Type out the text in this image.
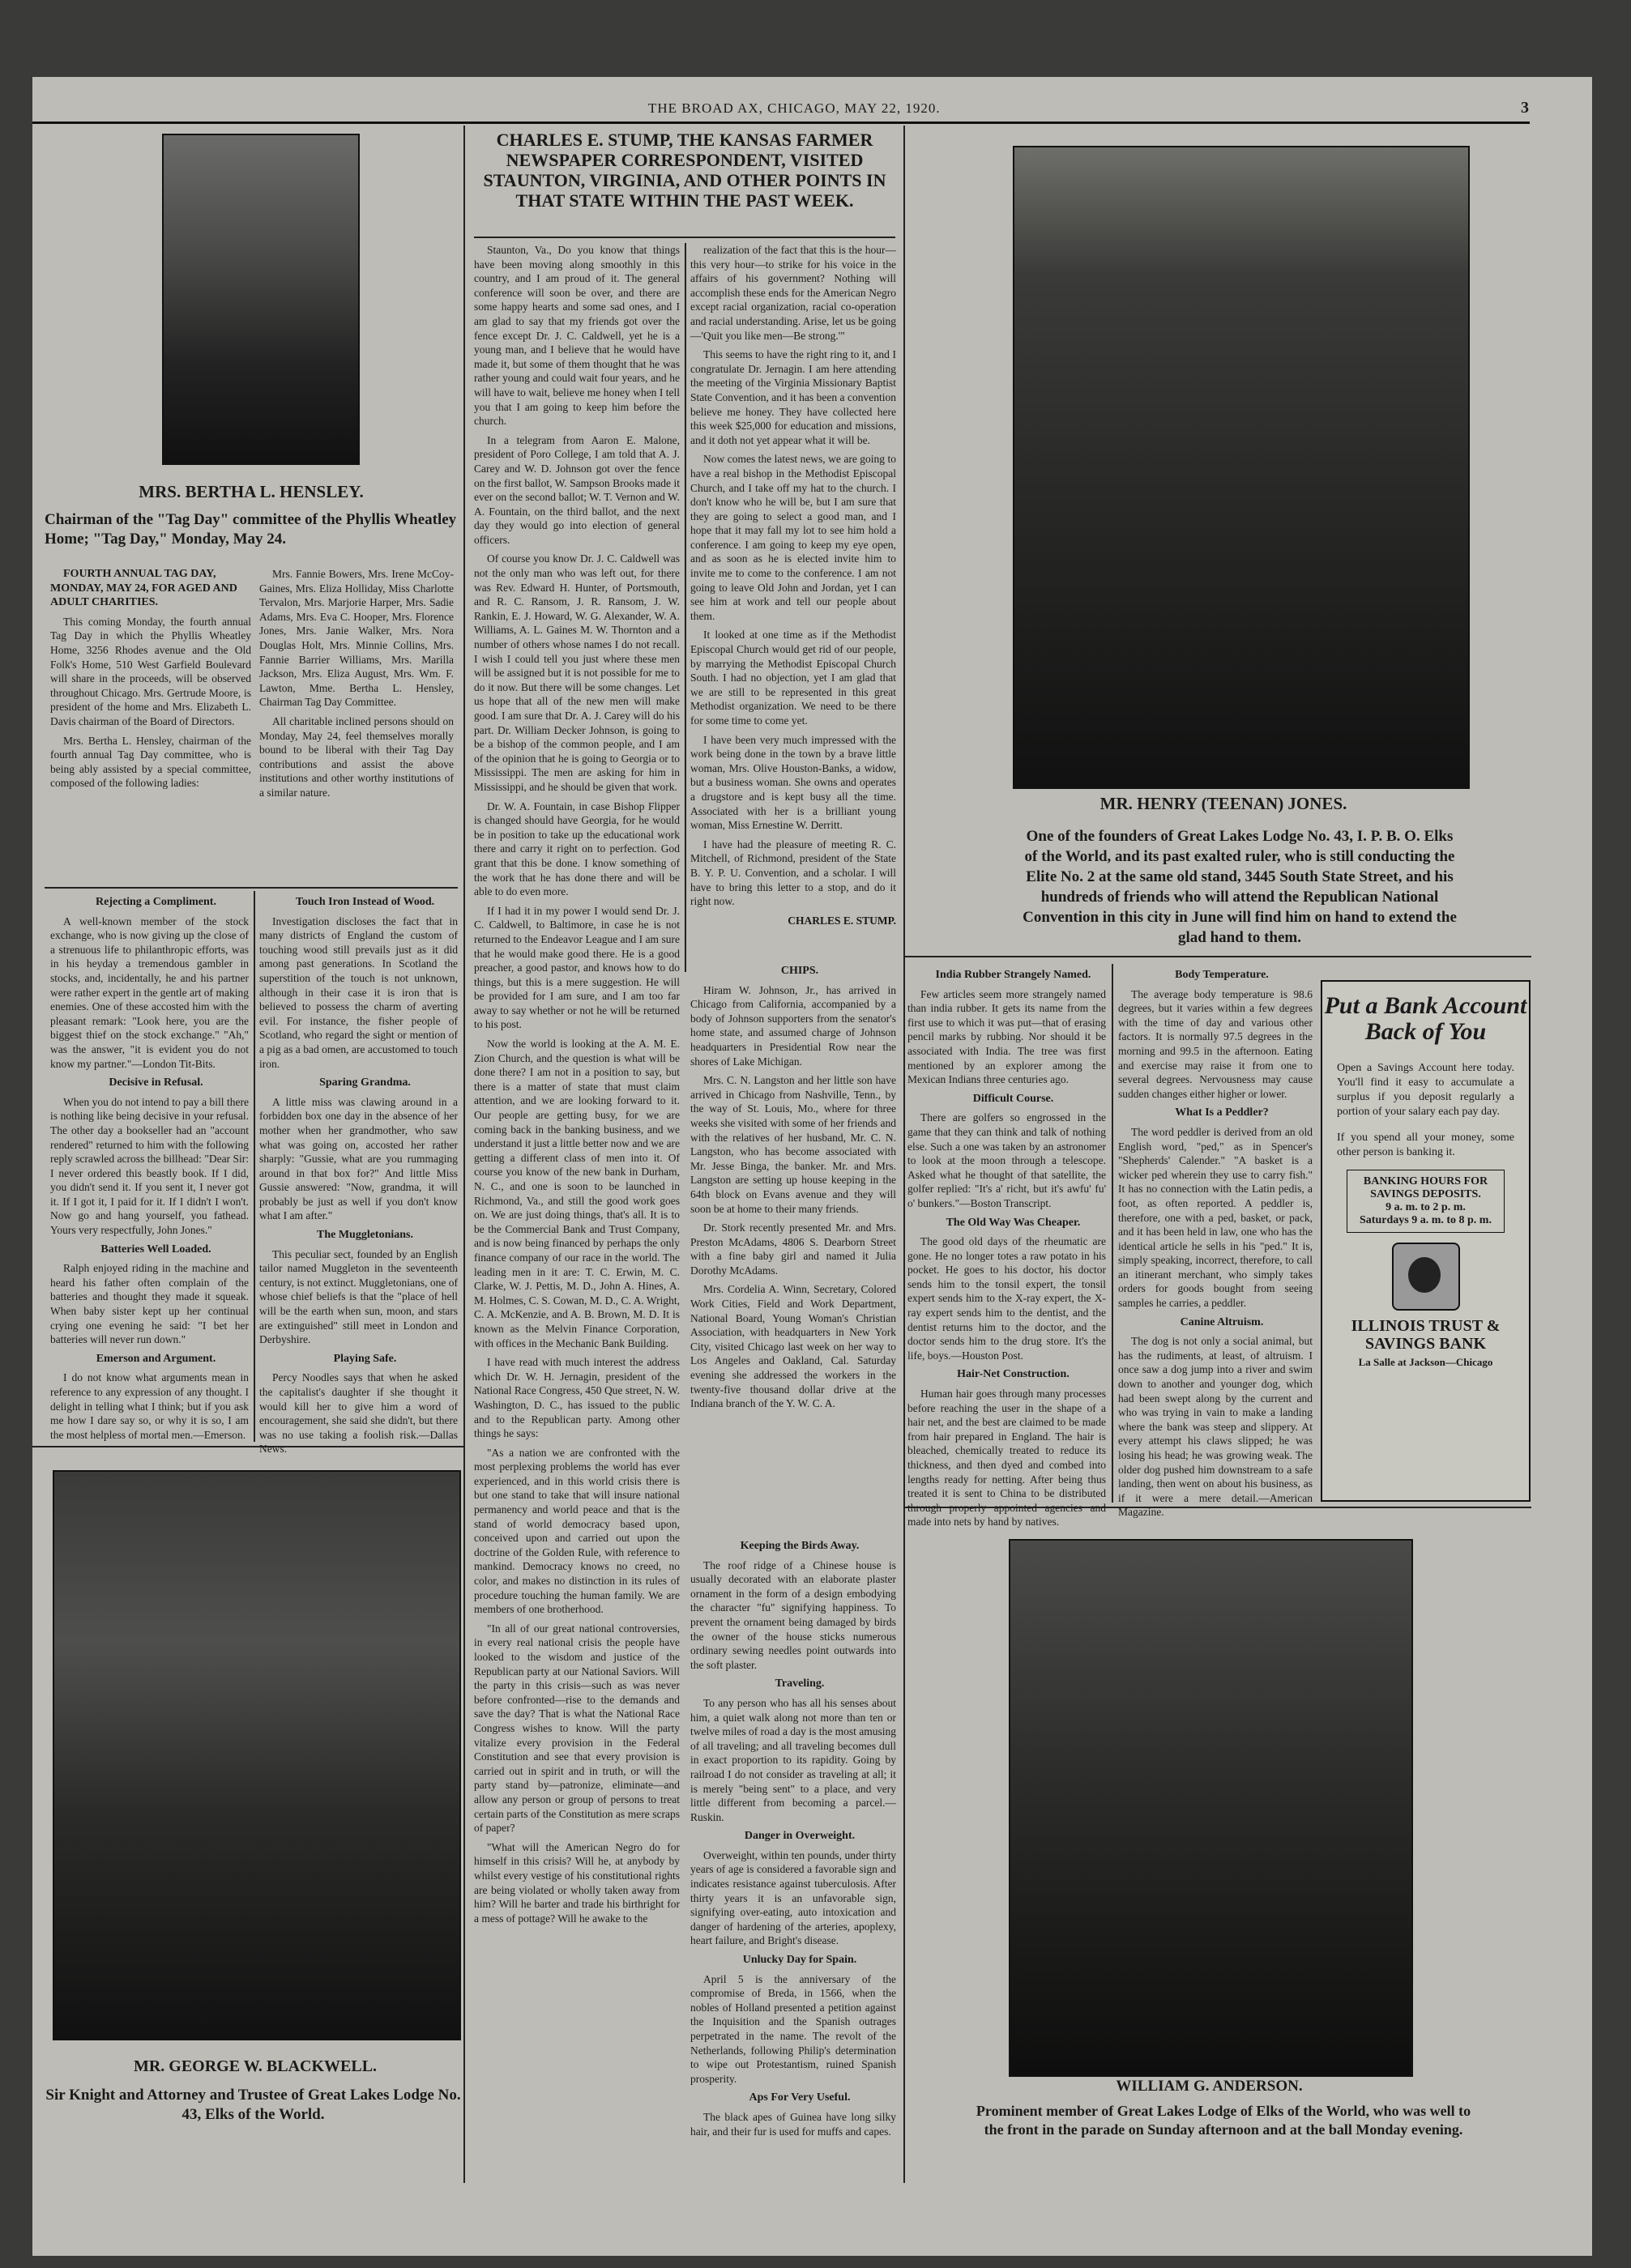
THE BROAD AX, CHICAGO, MAY 22, 1920.	3
MRS. BERTHA L. HENSLEY.
Chairman of the "Tag Day" committee of the Phyllis Wheatley Home; "Tag Day," Monday, May 24.

FOURTH ANNUAL TAG DAY, MONDAY, MAY 24, FOR AGED AND ADULT CHARITIES.

This coming Monday, the fourth annual Tag Day in which the Phyllis Wheatley Home, 3256 Rhodes avenue and the Old Folk's Home, 510 West Garfield Boulevard will share in the proceeds, will be observed throughout Chicago. Mrs. Gertrude Moore, is president of the home and Mrs. Elizabeth L. Davis chairman of the Board of Directors.

Mrs. Bertha L. Hensley, chairman of the fourth annual Tag Day committee, who is being ably assisted by a special committee, composed of the following ladies:

Mrs. Fannie Bowers, Mrs. Irene McCoy-Gaines, Mrs. Eliza Holliday, Miss Charlotte Tervalon, Mrs. Marjorie Harper, Mrs. Sadie Adams, Mrs. Eva C. Hooper, Mrs. Florence Jones, Mrs. Janie Walker, Mrs. Nora Douglas Holt, Mrs. Minnie Collins, Mrs. Fannie Barrier Williams, Mrs. Marilla Jackson, Mrs. Eliza August, Mrs. Wm. F. Lawton, Mme. Bertha L. Hensley, Chairman Tag Day Committee.

All charitable inclined persons should on Monday, May 24, feel themselves morally bound to be liberal with their Tag Day contributions and assist the above institutions and other worthy institutions of a similar nature.

Rejecting a Compliment.

A well-known member of the stock exchange, who is now giving up the close of a strenuous life to philanthropic efforts, was in his heyday a tremendous gambler in stocks, and, incidentally, he and his partner were rather expert in the gentle art of making enemies. One of these accosted him with the pleasant remark: "Look here, you are the biggest thief on the stock exchange." "Ah," was the answer, "it is evident you do not know my partner."—London Tit-Bits.

Decisive in Refusal.

When you do not intend to pay a bill there is nothing like being decisive in your refusal. The other day a bookseller had an "account rendered" returned to him with the following reply scrawled across the billhead: "Dear Sir: I never ordered this beastly book. If I did, you didn't send it. If you sent it, I never got it. If I got it, I paid for it. If I didn't I won't. Now go and hang yourself, you fathead. Yours very respectfully, John Jones."

Batteries Well Loaded.

Ralph enjoyed riding in the machine and heard his father often complain of the batteries and thought they made it squeak. When baby sister kept up her continual crying one evening he said: "I bet her batteries will never run down."

Emerson and Argument.

I do not know what arguments mean in reference to any expression of any thought. I delight in telling what I think; but if you ask me how I dare say so, or why it is so, I am the most helpless of mortal men.—Emerson.

Touch Iron Instead of Wood.

Investigation discloses the fact that in many districts of England the custom of touching wood still prevails just as it did among past generations. In Scotland the superstition of the touch is not unknown, although in their case it is iron that is believed to possess the charm of averting evil. For instance, the fisher people of Scotland, who regard the sight or mention of a pig as a bad omen, are accustomed to touch iron.

Sparing Grandma.

A little miss was clawing around in a forbidden box one day in the absence of her mother when her grandmother, who saw what was going on, accosted her rather sharply: "Gussie, what are you rummaging around in that box for?" And little Miss Gussie answered: "Now, grandma, it will probably be just as well if you don't know what I am after."

The Muggletonians.

This peculiar sect, founded by an English tailor named Muggleton in the seventeenth century, is not extinct. Muggletonians, one of whose chief beliefs is that the "place of hell will be the earth when sun, moon, and stars are extinguished" still meet in London and Derbyshire.

Playing Safe.

Percy Noodles says that when he asked the capitalist's daughter if she thought it would kill her to give him a word of encouragement, she said she didn't, but there was no use taking a foolish risk.—Dallas News.

MR. GEORGE W. BLACKWELL.
Sir Knight and Attorney and Trustee of Great Lakes Lodge No. 43, Elks of the World.
CHARLES E. STUMP, THE KANSAS FARMER NEWSPAPER CORRESPONDENT, VISITED STAUNTON, VIRGINIA, AND OTHER POINTS IN THAT STATE WITHIN THE PAST WEEK.

Staunton, Va., Do you know that things have been moving along smoothly in this country, and I am proud of it. The general conference will soon be over, and there are some happy hearts and some sad ones, and I am glad to say that my friends got over the fence except Dr. J. C. Caldwell, yet he is a young man, and I believe that he would have made it, but some of them thought that he was rather young and could wait four years, and he will have to wait, believe me honey when I tell you that I am going to keep him before the church.

In a telegram from Aaron E. Malone, president of Poro College, I am told that A. J. Carey and W. D. Johnson got over the fence on the first ballot, W. Sampson Brooks made it ever on the second ballot; W. T. Vernon and W. A. Fountain, on the third ballot, and the next day they would go into election of general officers.

Of course you know Dr. J. C. Caldwell was not the only man who was left out, for there was Rev. Edward H. Hunter, of Portsmouth, and R. C. Ransom, J. R. Ransom, J. W. Rankin, E. J. Howard, W. G. Alexander, W. A. Williams, A. L. Gaines M. W. Thornton and a number of others whose names I do not recall. I wish I could tell you just where these men will be assigned but it is not possible for me to do it now. But there will be some changes. Let us hope that all of the new men will make good. I am sure that Dr. A. J. Carey will do his part. Dr. William Decker Johnson, is going to be a bishop of the common people, and I am of the opinion that he is going to Georgia or to Mississippi. The men are asking for him in Mississippi, and he should be given that work.

Dr. W. A. Fountain, in case Bishop Flipper is changed should have Georgia, for he would be in position to take up the educational work there and carry it right on to perfection. God grant that this be done. I know something of the work that he has done there and will be able to do even more.

If I had it in my power I would send Dr. J. C. Caldwell, to Baltimore, in case he is not returned to the Endeavor League and I am sure that he would make good there. He is a good preacher, a good pastor, and knows how to do things, but this is a mere suggestion. He will be provided for I am sure, and I am too far away to say whether or not he will be returned to his post.

Now the world is looking at the A. M. E. Zion Church, and the question is what will be done there? I am not in a position to say, but there is a matter of state that must claim attention, and we are looking forward to it. Our people are getting busy, for we are coming back in the banking business, and we understand it just a little better now and we are getting a different class of men into it. Of course you know of the new bank in Durham, N. C., and one is soon to be launched in Richmond, Va., and still the good work goes on. We are just doing things, that's all. It is to be the Commercial Bank and Trust Company, and is now being financed by perhaps the only finance company of our race in the world. The leading men in it are: T. C. Erwin, M. C. Clarke, W. J. Pettis, M. D., John A. Hines, A. M. Holmes, C. S. Cowan, M. D., C. A. Wright, C. A. McKenzie, and A. B. Brown, M. D. It is known as the Melvin Finance Corporation, with offices in the Mechanic Bank Building.

I have read with much interest the address which Dr. W. H. Jernagin, president of the National Race Congress, 450 Que street, N. W. Washington, D. C., has issued to the public and to the Republican party. Among other things he says:

"As a nation we are confronted with the most perplexing problems the world has ever experienced, and in this world crisis there is but one stand to take that will insure national permanency and world peace and that is the stand of world democracy based upon, conceived upon and carried out upon the doctrine of the Golden Rule, with reference to mankind. Democracy knows no creed, no color, and makes no distinction in its rules of procedure touching the human family. We are members of one brotherhood.

"In all of our great national controversies, in every real national crisis the people have looked to the wisdom and justice of the Republican party at our National Saviors. Will the party in this crisis—such as was never before confronted—rise to the demands and save the day? That is what the National Race Congress wishes to know. Will the party vitalize every provision in the Federal Constitution and see that every provision is carried out in spirit and in truth, or will the party stand by—patronize, eliminate—and allow any person or group of persons to treat certain parts of the Constitution as mere scraps of paper?

"What will the American Negro do for himself in this crisis? Will he, at anybody by whilst every vestige of his constitutional rights are being violated or wholly taken away from him? Will he barter and trade his birthright for a mess of pottage? Will he awake to the

realization of the fact that this is the hour—this very hour—to strike for his voice in the affairs of his government? Nothing will accomplish these ends for the American Negro except racial organization, racial co-operation and racial understanding. Arise, let us be going—'Quit you like men—Be strong.'"

This seems to have the right ring to it, and I congratulate Dr. Jernagin. I am here attending the meeting of the Virginia Missionary Baptist State Convention, and it has been a convention believe me honey. They have collected here this week $25,000 for education and missions, and it doth not yet appear what it will be.

Now comes the latest news, we are going to have a real bishop in the Methodist Episcopal Church, and I take off my hat to the church. I don't know who he will be, but I am sure that they are going to select a good man, and I hope that it may fall my lot to see him hold a conference. I am going to keep my eye open, and as soon as he is elected invite him to invite me to come to the conference. I am not going to leave Old John and Jordan, yet I can see him at work and tell our people about them.

It looked at one time as if the Methodist Episcopal Church would get rid of our people, by marrying the Methodist Episcopal Church South. I had no objection, yet I am glad that we are still to be represented in this great Methodist organization. We need to be there for some time to come yet.

I have been very much impressed with the work being done in the town by a brave little woman, Mrs. Olive Houston-Banks, a widow, but a business woman. She owns and operates a drugstore and is kept busy all the time. Associated with her is a brilliant young woman, Miss Ernestine W. Derritt.

I have had the pleasure of meeting R. C. Mitchell, of Richmond, president of the State B. Y. P. U. Convention, and a scholar. I will have to bring this letter to a stop, and do it right now.

CHARLES E. STUMP.

CHIPS.

Hiram W. Johnson, Jr., has arrived in Chicago from California, accompanied by a body of Johnson supporters from the senator's home state, and assumed charge of Johnson headquarters in Presidential Row near the shores of Lake Michigan.

Mrs. C. N. Langston and her little son have arrived in Chicago from Nashville, Tenn., by the way of St. Louis, Mo., where for three weeks she visited with some of her friends and with the relatives of her husband, Mr. C. N. Langston, who has become associated with Mr. Jesse Binga, the banker. Mr. and Mrs. Langston are setting up house keeping in the 64th block on Evans avenue and they will soon be at home to their many friends.

Dr. Stork recently presented Mr. and Mrs. Preston McAdams, 4806 S. Dearborn Street with a fine baby girl and named it Julia Dorothy McAdams.

Mrs. Cordelia A. Winn, Secretary, Colored Work Cities, Field and Work Department, National Board, Young Woman's Christian Association, with headquarters in New York City, visited Chicago last week on her way to Los Angeles and Oakland, Cal. Saturday evening she addressed the workers in the twenty-five thousand dollar drive at the Indiana branch of the Y. W. C. A.

Keeping the Birds Away.

The roof ridge of a Chinese house is usually decorated with an elaborate plaster ornament in the form of a design embodying the character "fu" signifying happiness. To prevent the ornament being damaged by birds the owner of the house sticks numerous ordinary sewing needles point outwards into the soft plaster.

Traveling.

To any person who has all his senses about him, a quiet walk along not more than ten or twelve miles of road a day is the most amusing of all traveling; and all traveling becomes dull in exact proportion to its rapidity. Going by railroad I do not consider as traveling at all; it is merely "being sent" to a place, and very little different from becoming a parcel.—Ruskin.

Danger in Overweight.

Overweight, within ten pounds, under thirty years of age is considered a favorable sign and indicates resistance against tuberculosis. After thirty years it is an unfavorable sign, signifying over-eating, auto intoxication and danger of hardening of the arteries, apoplexy, heart failure, and Bright's disease.

Unlucky Day for Spain.

April 5 is the anniversary of the compromise of Breda, in 1566, when the nobles of Holland presented a petition against the Inquisition and the Spanish outrages perpetrated in the name. The revolt of the Netherlands, following Philip's determination to wipe out Protestantism, ruined Spanish prosperity.

Aps For Very Useful.

The black apes of Guinea have long silky hair, and their fur is used for muffs and capes.

MR. HENRY (TEENAN) JONES.
One of the founders of Great Lakes Lodge No. 43, I. P. B. O. Elks of the World, and its past exalted ruler, who is still conducting the Elite No. 2 at the same old stand, 3445 South State Street, and his hundreds of friends who will attend the Republican National Convention in this city in June will find him on hand to extend the glad hand to them.

India Rubber Strangely Named.

Few articles seem more strangely named than india rubber. It gets its name from the first use to which it was put—that of erasing pencil marks by rubbing. Nor should it be associated with India. The tree was first mentioned by an explorer among the Mexican Indians three centuries ago.

Difficult Course.

There are golfers so engrossed in the game that they can think and talk of nothing else. Such a one was taken by an astronomer to look at the moon through a telescope. Asked what he thought of that satellite, the golfer replied: "It's a' richt, but it's awfu' fu' o' bunkers."—Boston Transcript.

The Old Way Was Cheaper.

The good old days of the rheumatic are gone. He no longer totes a raw potato in his pocket. He goes to his doctor, his doctor sends him to the tonsil expert, the tonsil expert sends him to the X-ray expert, the X-ray expert sends him to the dentist, and the dentist returns him to the doctor, and the doctor sends him to the drug store. It's the life, boys.—Houston Post.

Hair-Net Construction.

Human hair goes through many processes before reaching the user in the shape of a hair net, and the best are claimed to be made from hair prepared in England. The hair is bleached, chemically treated to reduce its thickness, and then dyed and combed into lengths ready for netting. After being thus treated it is sent to China to be distributed through properly appointed agencies and made into nets by hand by natives.

Body Temperature.

The average body temperature is 98.6 degrees, but it varies within a few degrees with the time of day and various other factors. It is normally 97.5 degrees in the morning and 99.5 in the afternoon. Eating and exercise may raise it from one to several degrees. Nervousness may cause sudden changes either higher or lower.

What Is a Peddler?

The word peddler is derived from an old English word, "ped," as in Spencer's "Shepherds' Calender." "A basket is a wicker ped wherein they use to carry fish." It has no connection with the Latin pedis, a foot, as often reported. A peddler is, therefore, one with a ped, basket, or pack, and it has been held in law, one who has the identical article he sells in his "ped." It is, simply speaking, incorrect, therefore, to call an itinerant merchant, who simply takes orders for goods bought from seeing samples he carries, a peddler.

Canine Altruism.

The dog is not only a social animal, but has the rudiments, at least, of altruism. I once saw a dog jump into a river and swim down to another and younger dog, which had been swept along by the current and who was trying in vain to make a landing where the bank was steep and slippery. At every attempt his claws slipped; he was losing his head; he was growing weak. The older dog pushed him downstream to a safe landing, then went on about his business, as if it were a mere detail.—American Magazine.

Put a Bank Account Back of You
Open a Savings Account here today. You'll find it easy to accumulate a surplus if you deposit regularly a portion of your salary each pay day.
If you spend all your money, some other person is banking it.
BANKING HOURS FOR SAVINGS DEPOSITS.
9 a. m. to 2 p. m.
Saturdays 9 a. m. to 8 p. m.
ILLINOIS TRUST & SAVINGS BANK
La Salle at Jackson—Chicago
WILLIAM G. ANDERSON.
Prominent member of Great Lakes Lodge of Elks of the World, who was well to the front in the parade on Sunday afternoon and at the ball Monday evening.
